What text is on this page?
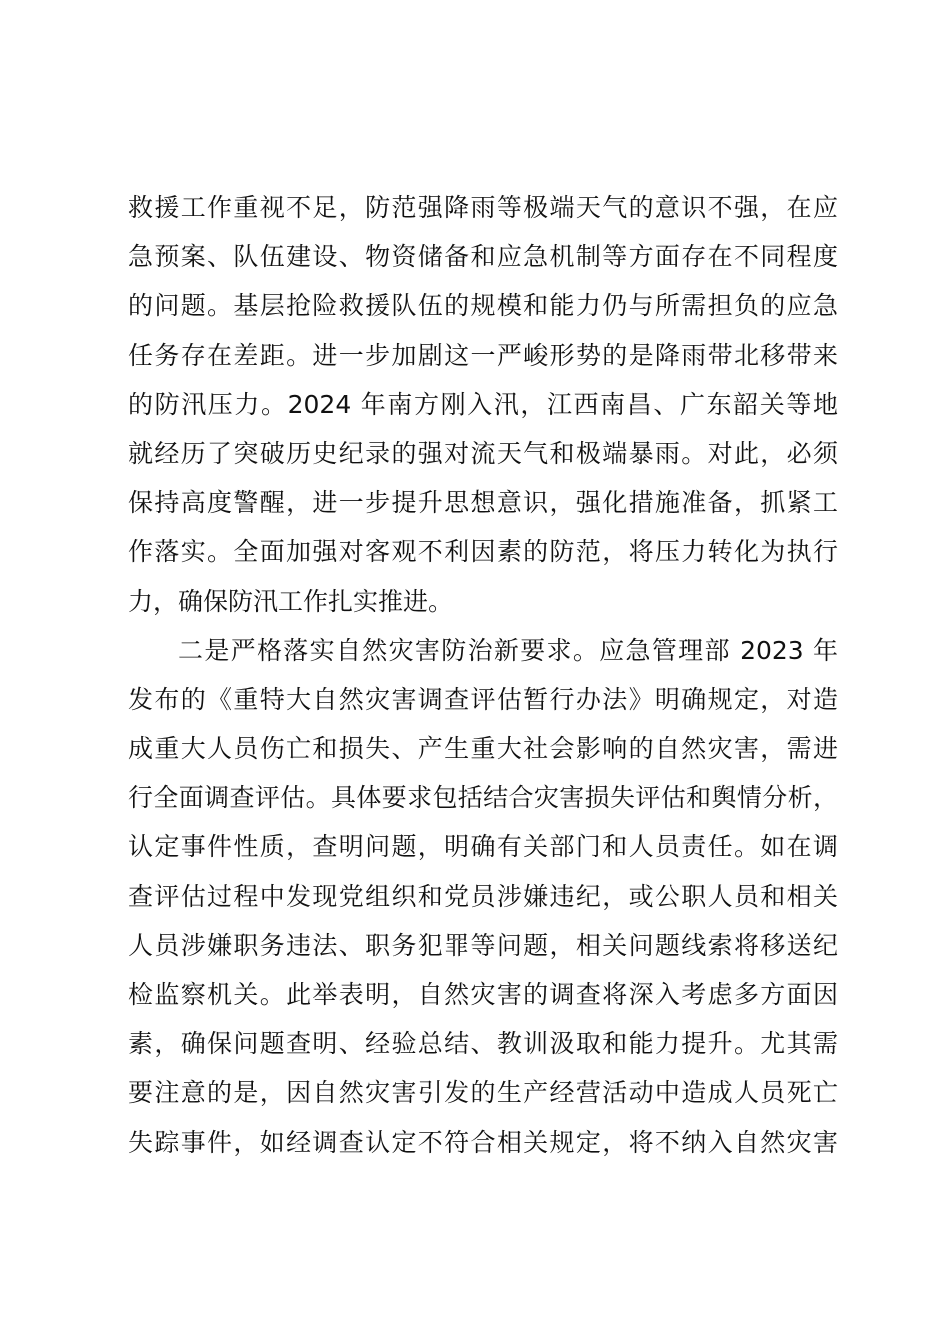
救援工作重视不足，防范强降雨等极端天气的意识不强，在应
急预案、队伍建设、物资储备和应急机制等方面存在不同程度
的问题。基层抢险救援队伍的规模和能力仍与所需担负的应急
任务存在差距。进一步加剧这一严峻形势的是降雨带北移带来
的防汛压力。2024 年南方刚入汛，江西南昌、广东韶关等地
就经历了突破历史纪录的强对流天气和极端暴雨。对此，必须
保持高度警醒，进一步提升思想意识，强化措施准备，抓紧工
作落实。全面加强对客观不利因素的防范，将压力转化为执行
力，确保防汛工作扎实推进。
二是严格落实自然灾害防治新要求。应急管理部 2023 年
发布的《重特大自然灾害调查评估暂行办法》明确规定，对造
成重大人员伤亡和损失、产生重大社会影响的自然灾害，需进
行全面调查评估。具体要求包括结合灾害损失评估和舆情分析，
认定事件性质，查明问题，明确有关部门和人员责任。如在调
查评估过程中发现党组织和党员涉嫌违纪，或公职人员和相关
人员涉嫌职务违法、职务犯罪等问题，相关问题线索将移送纪
检监察机关。此举表明，自然灾害的调查将深入考虑多方面因
素，确保问题查明、经验总结、教训汲取和能力提升。尤其需
要注意的是，因自然灾害引发的生产经营活动中造成人员死亡
失踪事件，如经调查认定不符合相关规定，将不纳入自然灾害
